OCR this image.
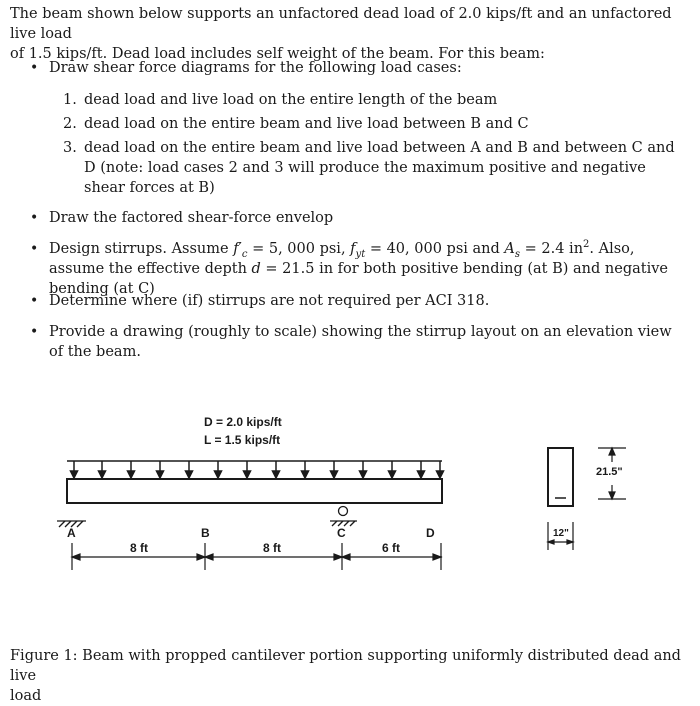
The beam shown below supports an unfactored dead load of 2.0 kips/ft and an unfactored live load
of 1.5 kips/ft. Dead load includes self weight of the beam. For this beam:
• Draw shear force diagrams for the following load cases:
1. dead load and live load on the entire length of the beam
2. dead load on the entire beam and live load between B and C
3. dead load on the entire beam and live load between A and B and between C and D (note: load cases 2 and 3 will produce the maximum positive and negative shear forces at B)
• Draw the factored shear-force envelop
• Design stirrups. Assume $f'_c = 5$, 000 psi, $f_{yt} = 40$, 000 psi and $A_s = 2.4$ $in^2$. Also, assume the effective depth d = 21.5 in for both positive bending (at B) and negative bending (at C)
• Determine where (if) stirrups are not required per ACI 318.
• Provide a drawing (roughly to scale) showing the stirrup layout on an elevation view of the beam.
D = 2.0 kips/ft
L = 1.5 kips/ft
A	B	C	D
8 ft	8 ft	6 ft
21.5"
12"
Figure 1: Beam with propped cantilever portion supporting uniformly distributed dead and live
load
